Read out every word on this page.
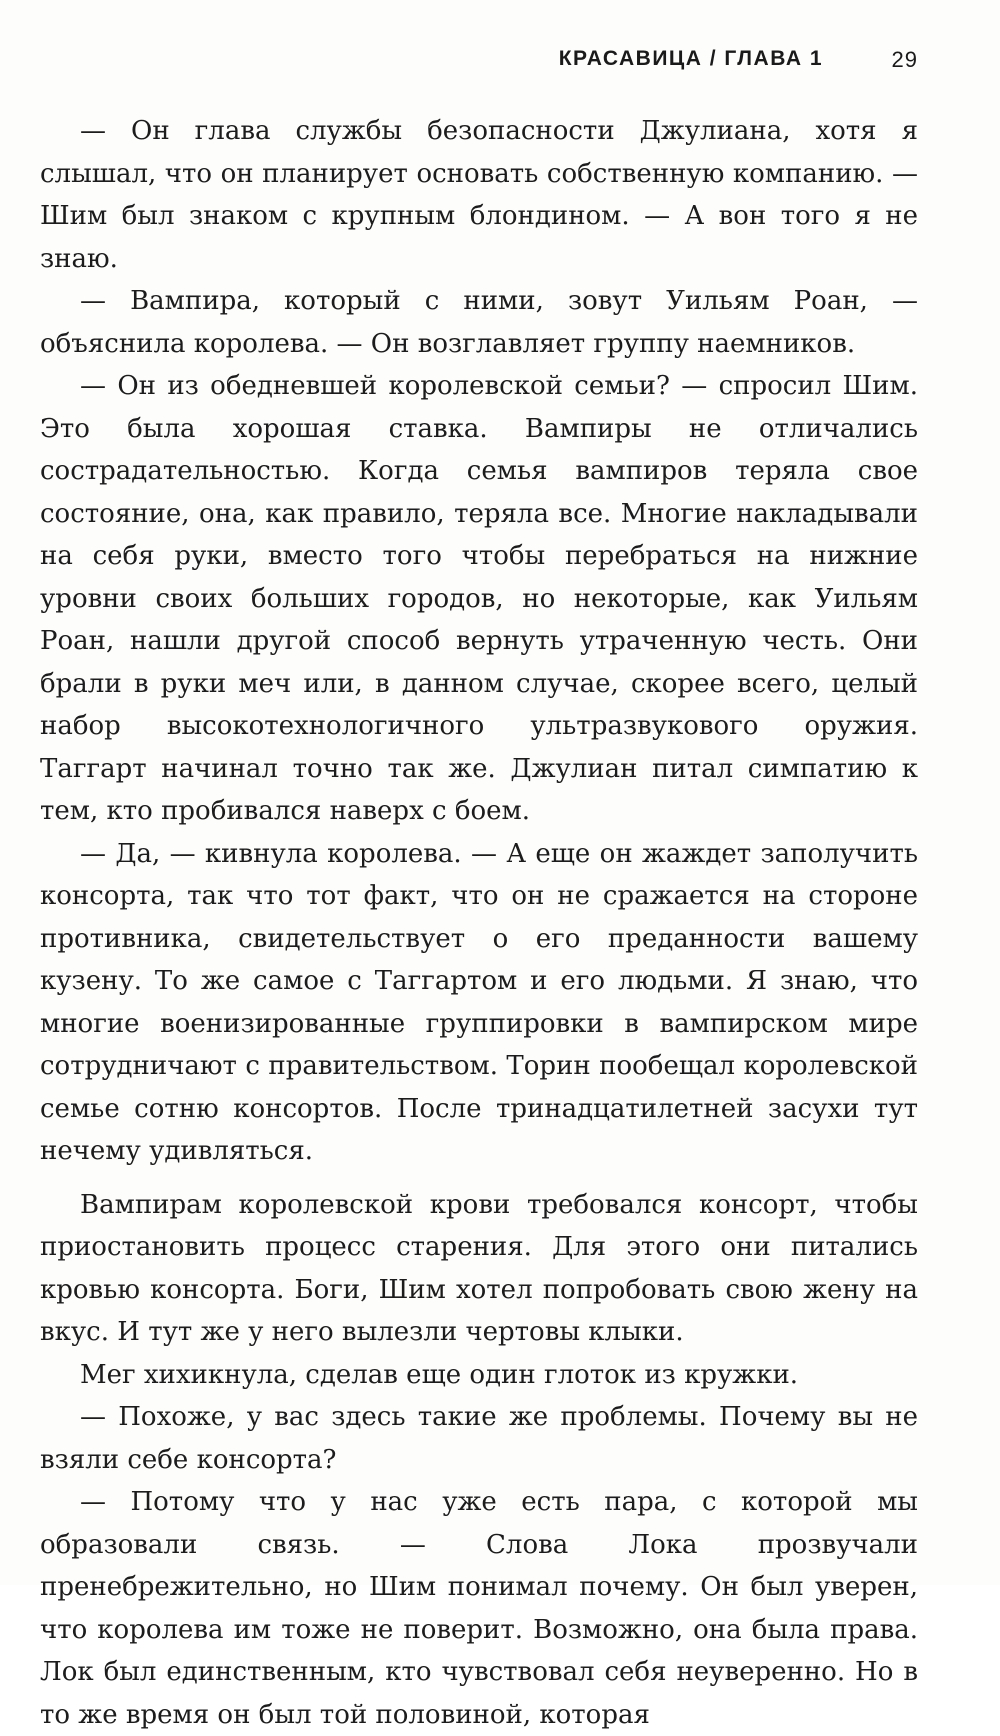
КРАСАВИЦА / ГЛАВА 1	29

— Он глава службы безопасности Джулиана, хотя я слышал, что он планирует основать собственную компанию. — Шим был знаком с крупным блондином. — А вон того я не знаю.

— Вампира, который с ними, зовут Уильям Роан, — объяснила королева. — Он возглавляет группу наемников.

— Он из обедневшей королевской семьи? — спросил Шим. Это была хорошая ставка. Вампиры не отличались сострадательностью. Когда семья вампиров теряла свое состояние, она, как правило, теряла все. Многие накладывали на себя руки, вместо того чтобы перебраться на нижние уровни своих больших городов, но некоторые, как Уильям Роан, нашли другой способ вернуть утраченную честь. Они брали в руки меч или, в данном случае, скорее всего, целый набор высокотехнологичного ультразвукового оружия. Таггарт начинал точно так же. Джулиан питал симпатию к тем, кто пробивался наверх с боем.

— Да, — кивнула королева. — А еще он жаждет заполучить консорта, так что тот факт, что он не сражается на стороне противника, свидетельствует о его преданности вашему кузену. То же самое с Таггартом и его людьми. Я знаю, что многие военизированные группировки в вампирском мире сотрудничают с правительством. Торин пообещал королевской семье сотню консортов. После тринадцатилетней засухи тут нечему удивляться.

Вампирам королевской крови требовался консорт, чтобы приостановить процесс старения. Для этого они питались кровью консорта. Боги, Шим хотел попробовать свою жену на вкус. И тут же у него вылезли чертовы клыки.

Мег хихикнула, сделав еще один глоток из кружки.

— Похоже, у вас здесь такие же проблемы. Почему вы не взяли себе консорта?

— Потому что у нас уже есть пара, с которой мы образовали связь. — Слова Лока прозвучали пренебрежительно, но Шим понимал почему. Он был уверен, что королева им тоже не поверит. Возможно, она была права. Лок был единственным, кто чувствовал себя неуверенно. Но в то же время он был той половиной, которая
